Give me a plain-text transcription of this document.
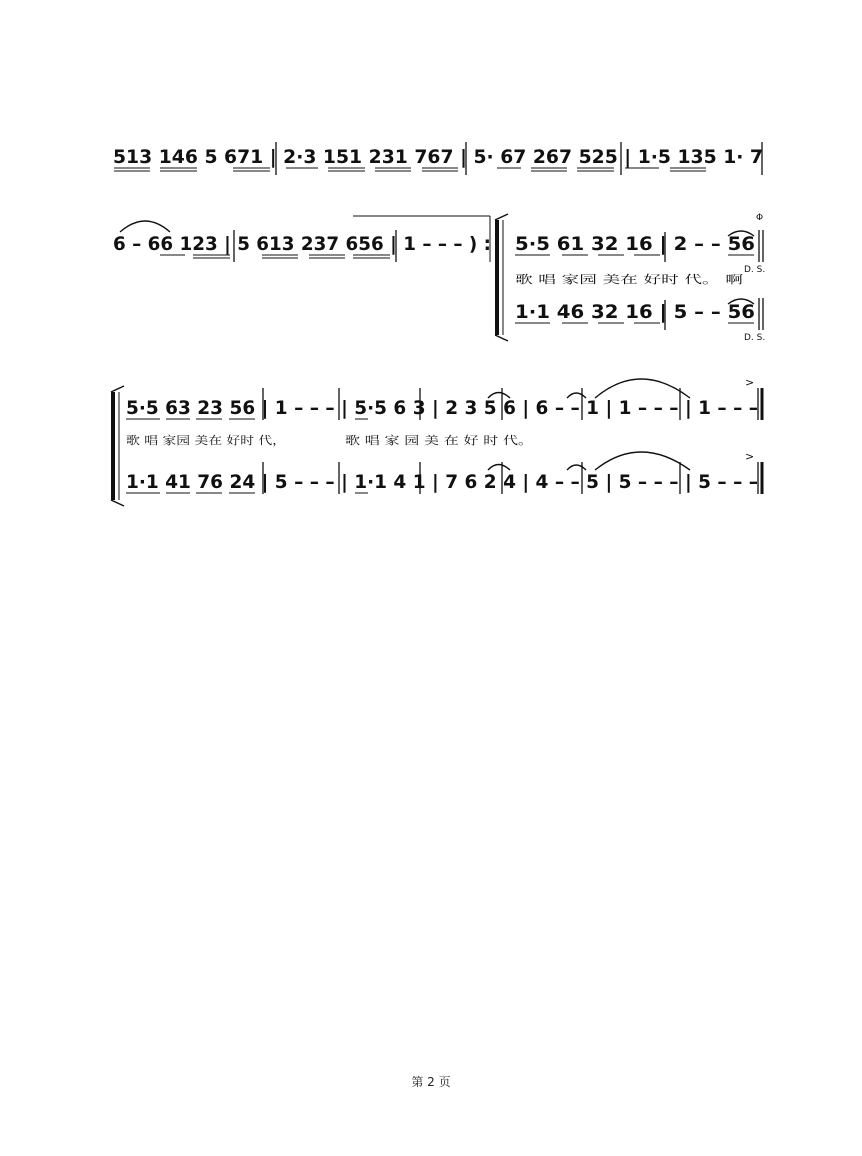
513 146 5 671 | 2·3 151 231 767 | 5· 67 267 525 | 1·5 135 1· 7
6 – 66 123 | 5 613 237 656 | 1 – – – ) : 5·5 61 32 16 | 2 – – 56
Φ
D. S.
歌 唱 家园 美在 好时 代。 啊
1·1 46 32 16 | 5 – – 56
D. S.
>
>
5·5 63 23 56 | 1 – – – | 5·5 6 3 | 2 3 5 6 | 6 – – 1 | 1 – – – | 1 – – –
歌 唱 家园 美在 好时 代，	歌 唱 家 园 美 在 好 时 代。
1·1 41 76 24 | 5 – – – | 1·1 4 1 | 7 6 2 4 | 4 – – 5 | 5 – – – | 5 – – –
第 2 页
